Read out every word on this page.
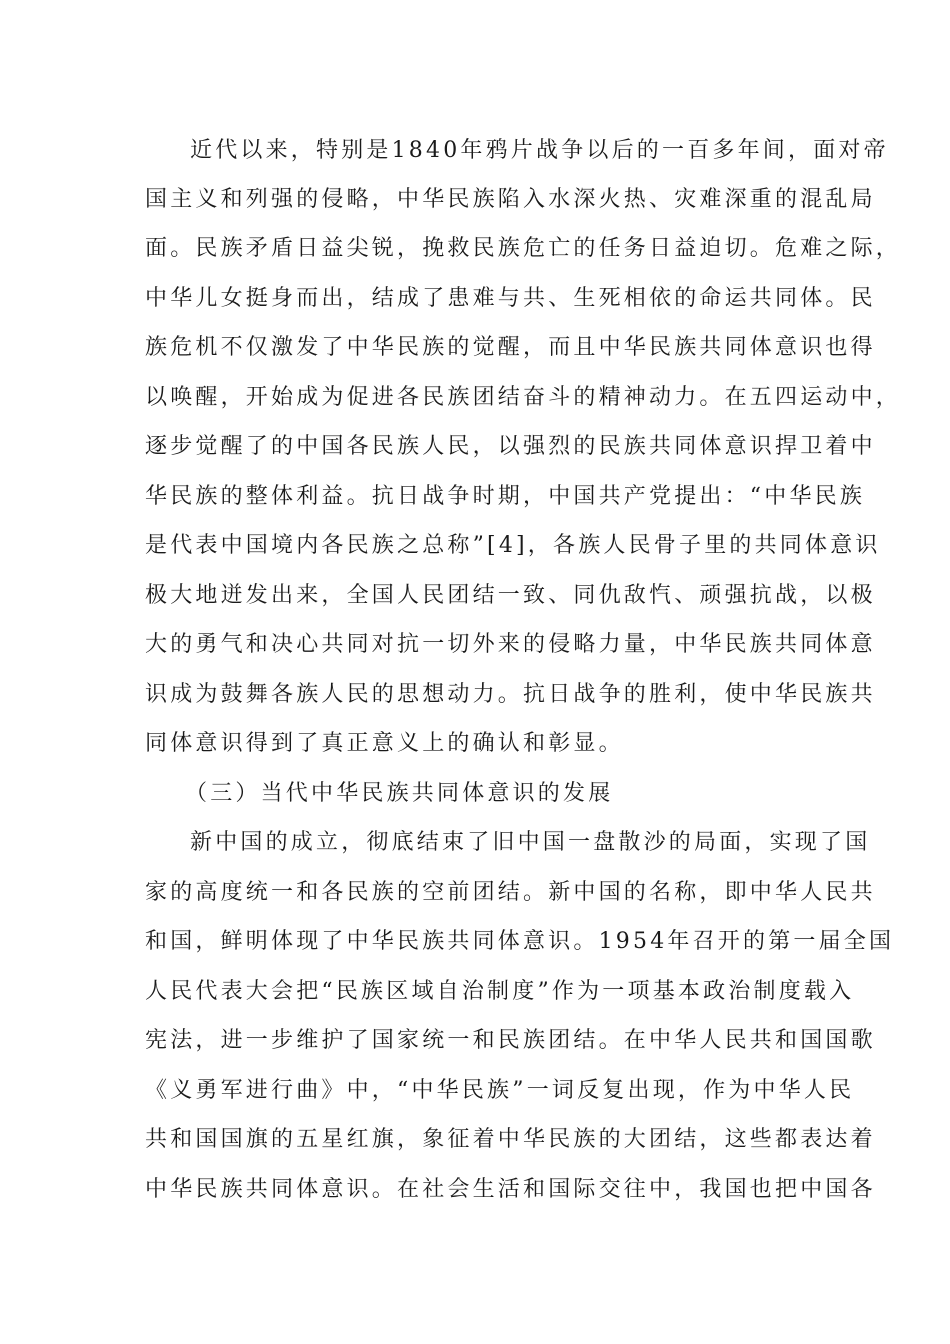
近代以来，特别是1840年鸦片战争以后的一百多年间，面对帝
国主义和列强的侵略，中华民族陷入水深火热、灾难深重的混乱局
面。民族矛盾日益尖锐，挽救民族危亡的任务日益迫切。危难之际，
中华儿女挺身而出，结成了患难与共、生死相依的命运共同体。民
族危机不仅激发了中华民族的觉醒，而且中华民族共同体意识也得
以唤醒，开始成为促进各民族团结奋斗的精神动力。在五四运动中，
逐步觉醒了的中国各民族人民，以强烈的民族共同体意识捍卫着中
华民族的整体利益。抗日战争时期，中国共产党提出：“中华民族
是代表中国境内各民族之总称”[4]，各族人民骨子里的共同体意识
极大地迸发出来，全国人民团结一致、同仇敌忾、顽强抗战，以极
大的勇气和决心共同对抗一切外来的侵略力量，中华民族共同体意
识成为鼓舞各族人民的思想动力。抗日战争的胜利，使中华民族共
同体意识得到了真正意义上的确认和彰显。
（三）当代中华民族共同体意识的发展
新中国的成立，彻底结束了旧中国一盘散沙的局面，实现了国
家的高度统一和各民族的空前团结。新中国的名称，即中华人民共
和国，鲜明体现了中华民族共同体意识。1954年召开的第一届全国
人民代表大会把“民族区域自治制度”作为一项基本政治制度载入
宪法，进一步维护了国家统一和民族团结。在中华人民共和国国歌
《义勇军进行曲》中，“中华民族”一词反复出现，作为中华人民
共和国国旗的五星红旗，象征着中华民族的大团结，这些都表达着
中华民族共同体意识。在社会生活和国际交往中，我国也把中国各
